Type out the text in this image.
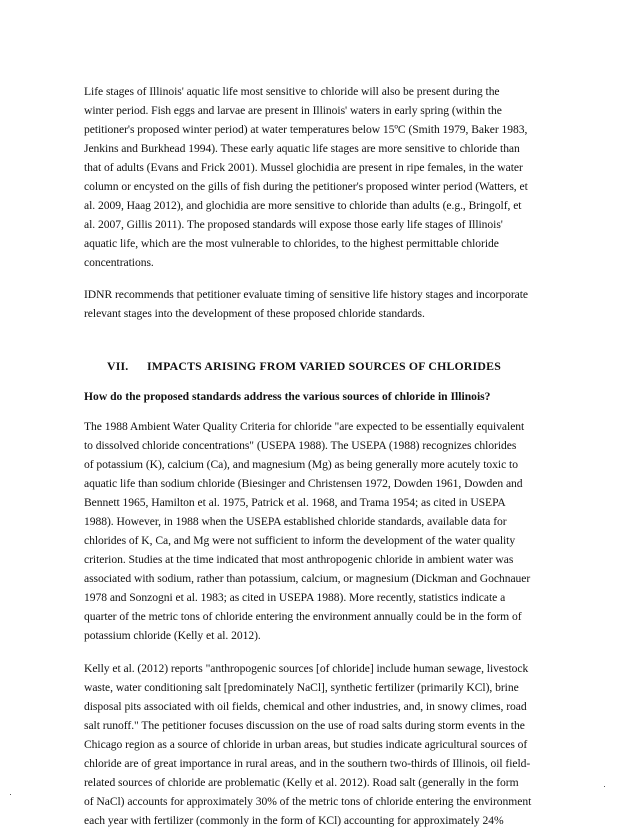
Life stages of Illinois' aquatic life most sensitive to chloride will also be present during the
winter period. Fish eggs and larvae are present in Illinois' waters in early spring (within the
petitioner's proposed winter period) at water temperatures below 15ºC (Smith 1979, Baker 1983,
Jenkins and Burkhead 1994). These early aquatic life stages are more sensitive to chloride than
that of adults (Evans and Frick 2001). Mussel glochidia are present in ripe females, in the water
column or encysted on the gills of fish during the petitioner's proposed winter period (Watters, et
al. 2009, Haag 2012), and glochidia are more sensitive to chloride than adults (e.g., Bringolf, et
al. 2007, Gillis 2011). The proposed standards will expose those early life stages of Illinois'
aquatic life, which are the most vulnerable to chlorides, to the highest permittable chloride
concentrations.
IDNR recommends that petitioner evaluate timing of sensitive life history stages and incorporate
relevant stages into the development of these proposed chloride standards.
VII. IMPACTS ARISING FROM VARIED SOURCES OF CHLORIDES
How do the proposed standards address the various sources of chloride in Illinois?
The 1988 Ambient Water Quality Criteria for chloride "are expected to be essentially equivalent
to dissolved chloride concentrations" (USEPA 1988). The USEPA (1988) recognizes chlorides
of potassium (K), calcium (Ca), and magnesium (Mg) as being generally more acutely toxic to
aquatic life than sodium chloride (Biesinger and Christensen 1972, Dowden 1961, Dowden and
Bennett 1965, Hamilton et al. 1975, Patrick et al. 1968, and Trama 1954; as cited in USEPA
1988). However, in 1988 when the USEPA established chloride standards, available data for
chlorides of K, Ca, and Mg were not sufficient to inform the development of the water quality
criterion. Studies at the time indicated that most anthropogenic chloride in ambient water was
associated with sodium, rather than potassium, calcium, or magnesium (Dickman and Gochnauer
1978 and Sonzogni et al. 1983; as cited in USEPA 1988). More recently, statistics indicate a
quarter of the metric tons of chloride entering the environment annually could be in the form of
potassium chloride (Kelly et al. 2012).
Kelly et al. (2012) reports "anthropogenic sources [of chloride] include human sewage, livestock
waste, water conditioning salt [predominately NaCl], synthetic fertilizer (primarily KCl), brine
disposal pits associated with oil fields, chemical and other industries, and, in snowy climes, road
salt runoff." The petitioner focuses discussion on the use of road salts during storm events in the
Chicago region as a source of chloride in urban areas, but studies indicate agricultural sources of
chloride are of great importance in rural areas, and in the southern two-thirds of Illinois, oil field-
related sources of chloride are problematic (Kelly et al. 2012). Road salt (generally in the form
of NaCl) accounts for approximately 30% of the metric tons of chloride entering the environment
each year with fertilizer (commonly in the form of KCl) accounting for approximately 24%
